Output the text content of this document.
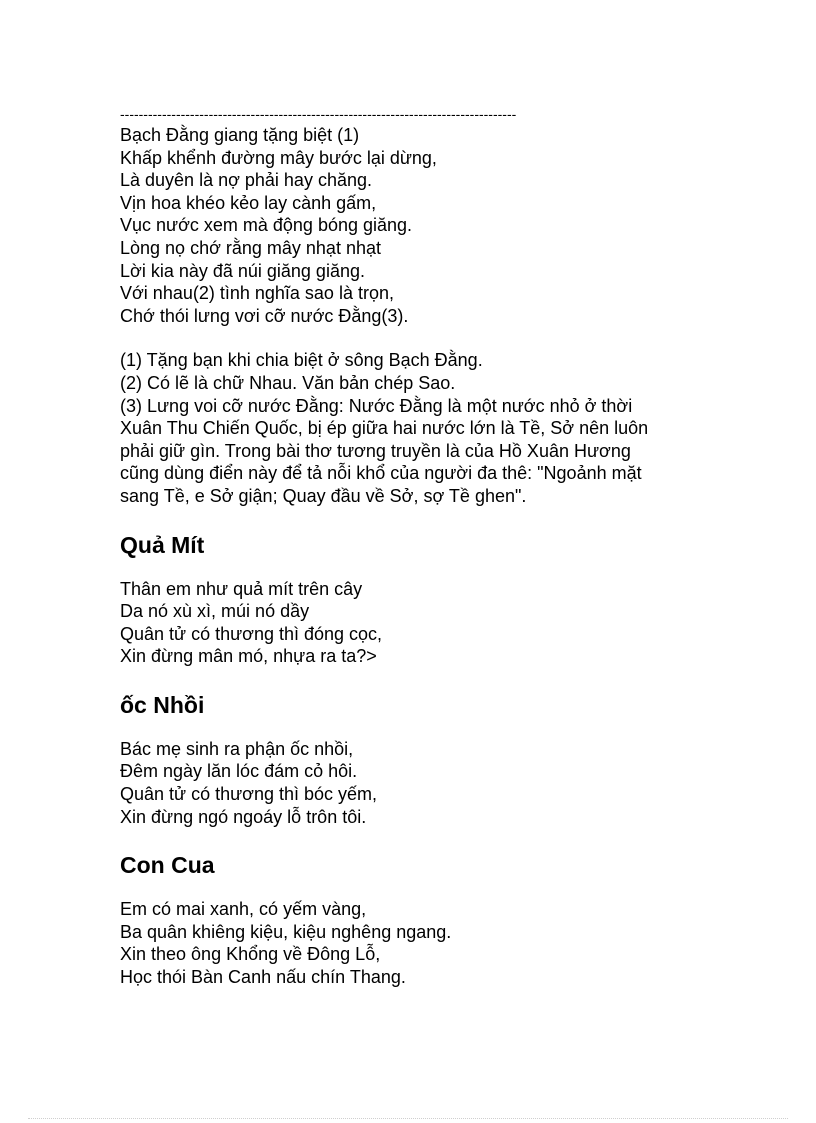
-------------------------------------------------------------------------------------
Bạch Đằng giang tặng biệt (1)
Khấp khểnh đường mây bước lại dừng,
Là duyên là nợ phải hay chăng.
Vịn hoa khéo kẻo lay cành gấm,
Vục nước xem mà động bóng giăng.
Lòng nọ chớ rằng mây nhạt nhạt
Lời kia này đã núi giăng giăng.
Với nhau(2) tình nghĩa sao là trọn,
Chớ thói lưng vơi cỡ nước Đằng(3).
(1) Tặng bạn khi chia biệt ở sông Bạch Đằng.
(2) Có lẽ là chữ Nhau. Văn bản chép Sao.
(3) Lưng voi cỡ nước Đằng: Nước Đằng là một nước nhỏ ở thời
Xuân Thu Chiến Quốc, bị ép giữa hai nước lớn là Tề, Sở nên luôn
phải giữ gìn. Trong bài thơ tương truyền là của Hồ Xuân Hương
cũng dùng điển này để tả nỗi khổ của người đa thê: "Ngoảnh mặt
sang Tề, e Sở giận; Quay đầu về Sở, sợ Tề ghen".
Quả Mít
Thân em như quả mít trên cây
Da nó xù xì, múi nó dầy
Quân tử có thương thì đóng cọc,
Xin đừng mân mó, nhựa ra ta?>
ốc Nhồi
Bác mẹ sinh ra phận ốc nhồi,
Đêm ngày lăn lóc đám cỏ hôi.
Quân tử có thương thì bóc yếm,
Xin đừng ngó ngoáy lỗ trôn tôi.
Con Cua
Em có mai xanh, có yếm vàng,
Ba quân khiêng kiệu, kiệu nghêng ngang.
Xin theo ông Khổng về Đông Lỗ,
Học thói Bàn Canh nấu chín Thang.
